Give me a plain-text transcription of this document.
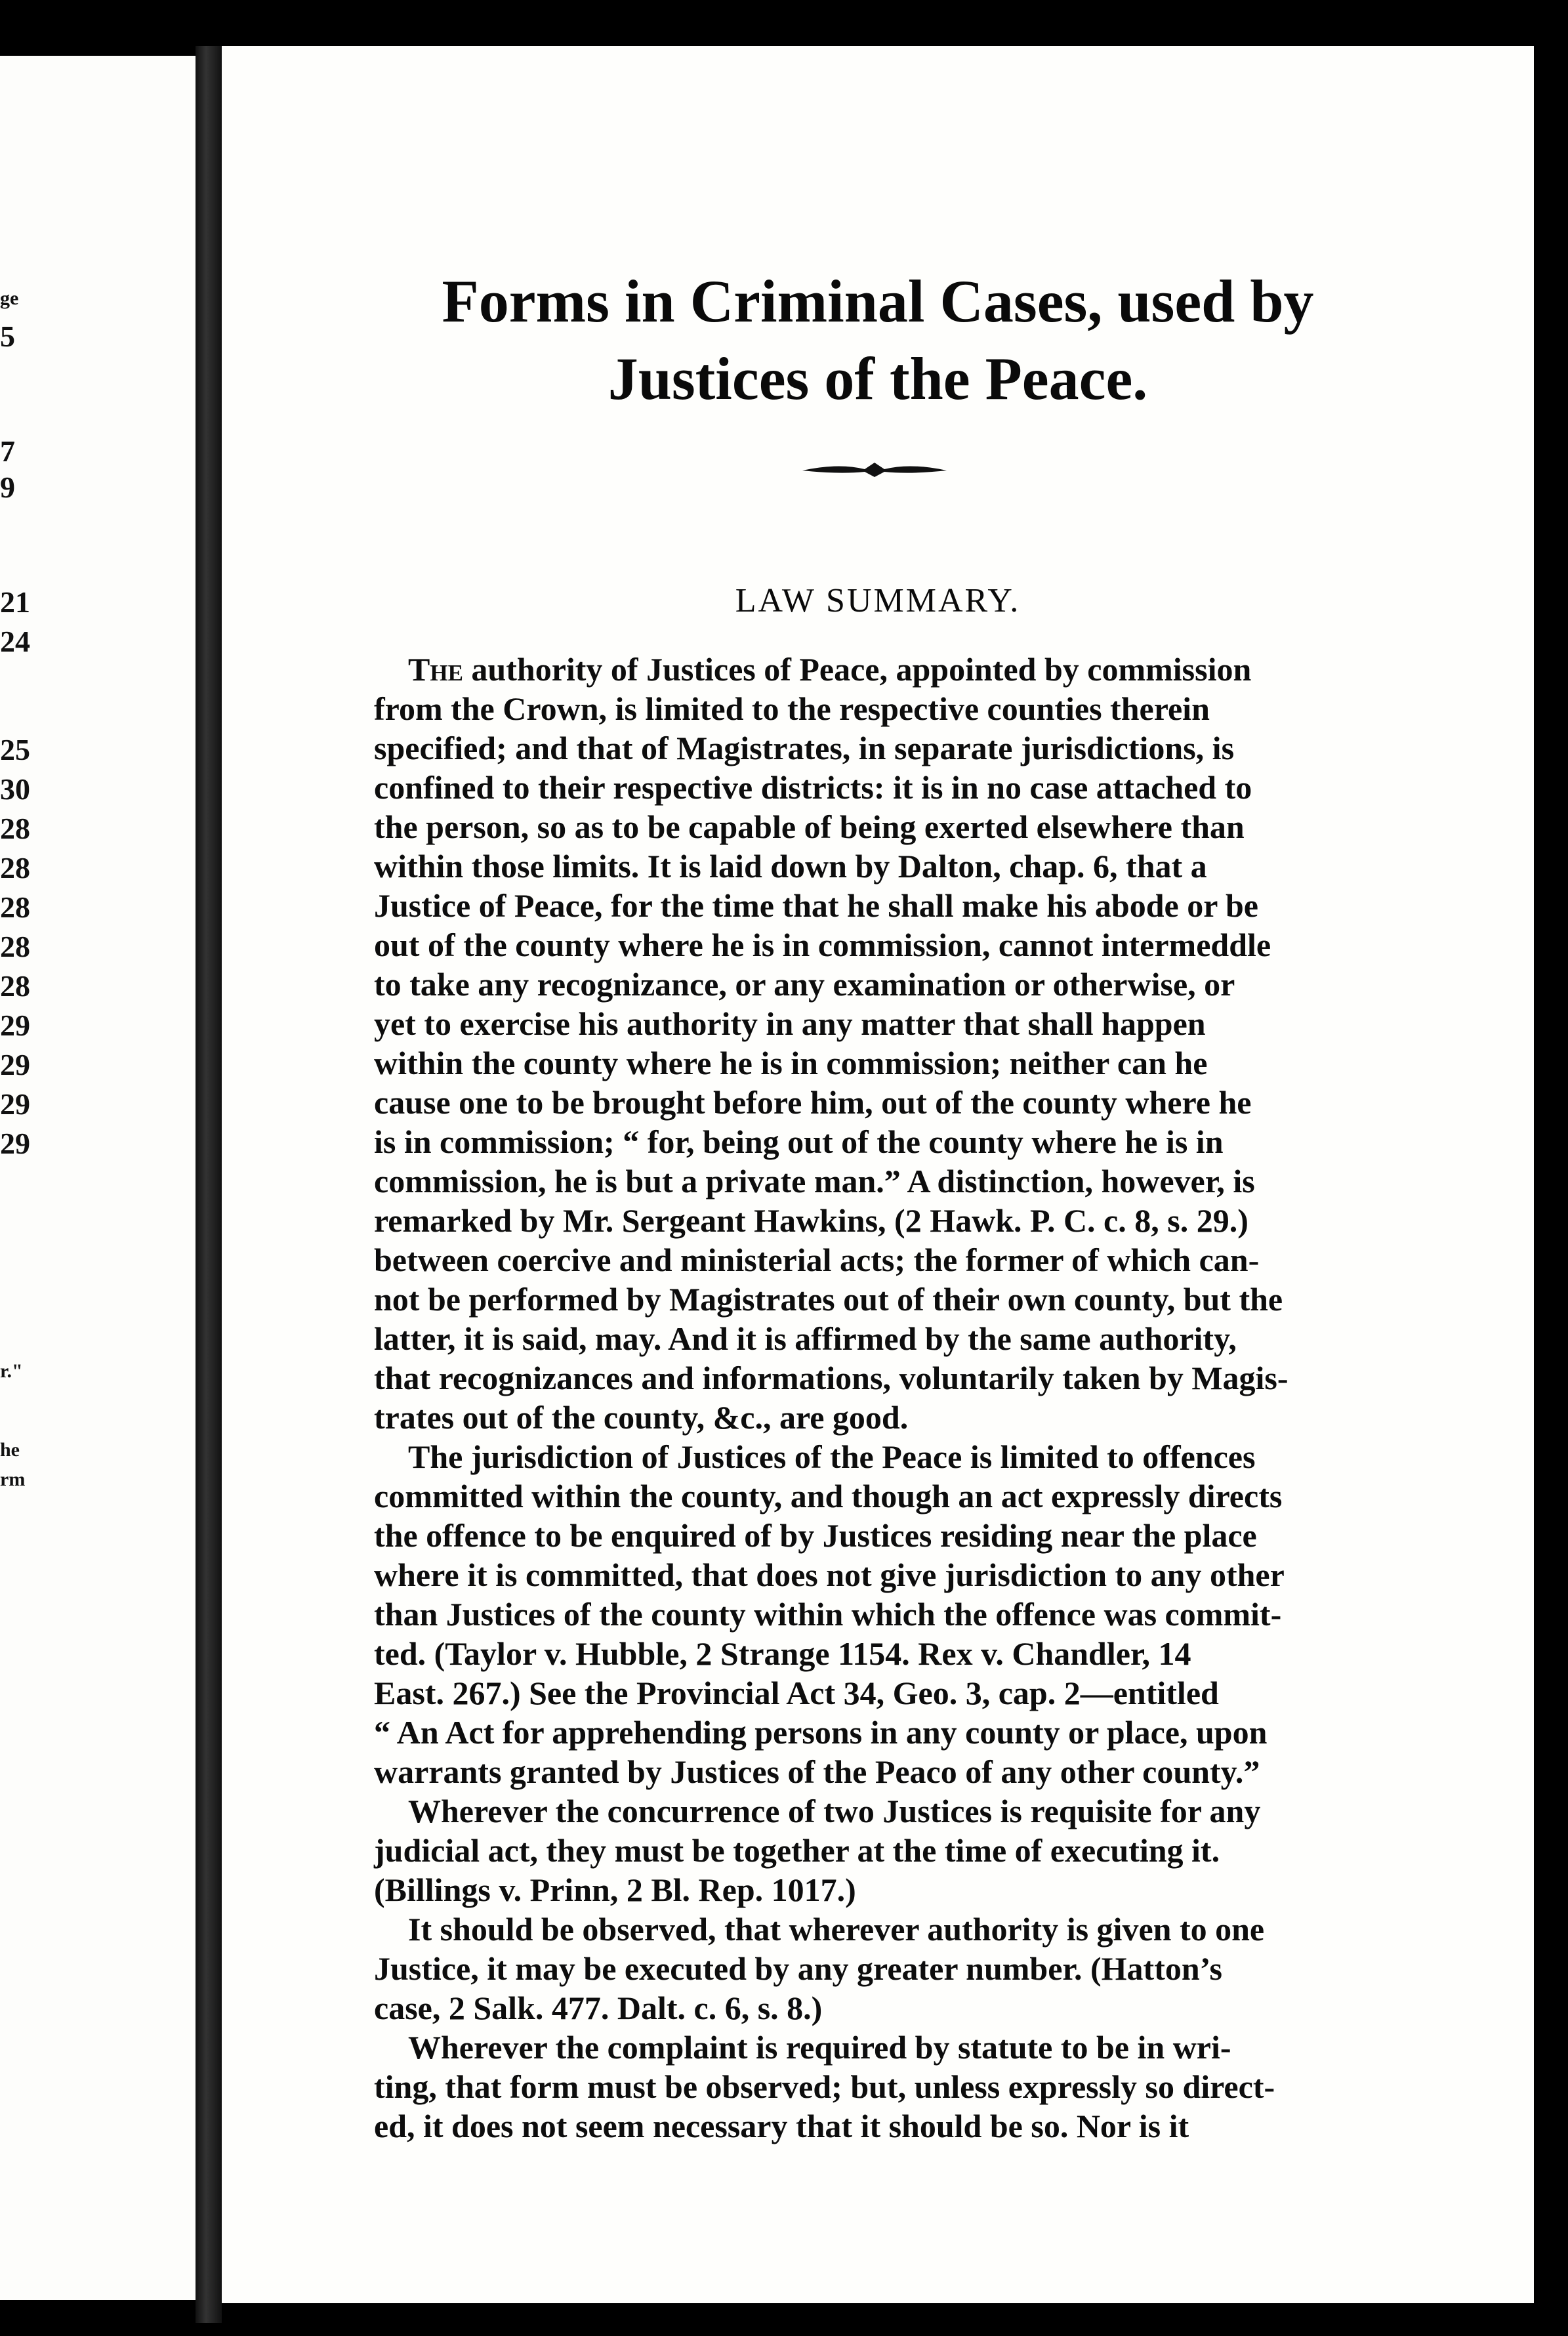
ge
5
7
9
21
24
25
30
28
28
28
28
28
29
29
29
29
r."
he
rm
Forms in Criminal Cases, used by
Justices of the Peace.
LAW SUMMARY.
The authority of Justices of Peace, appointed by commission
from the Crown, is limited to the respective counties therein
specified; and that of Magistrates, in separate jurisdictions, is
confined to their respective districts: it is in no case attached to
the person, so as to be capable of being exerted elsewhere than
within those limits. It is laid down by Dalton, chap. 6, that a
Justice of Peace, for the time that he shall make his abode or be
out of the county where he is in commission, cannot intermeddle
to take any recognizance, or any examination or otherwise, or
yet to exercise his authority in any matter that shall happen
within the county where he is in commission; neither can he
cause one to be brought before him, out of the county where he
is in commission; “ for, being out of the county where he is in
commission, he is but a private man.” A distinction, however, is
remarked by Mr. Sergeant Hawkins, (2 Hawk. P. C. c. 8, s. 29.)
between coercive and ministerial acts; the former of which can-
not be performed by Magistrates out of their own county, but the
latter, it is said, may. And it is affirmed by the same authority,
that recognizances and informations, voluntarily taken by Magis-
trates out of the county, &c., are good.
The jurisdiction of Justices of the Peace is limited to offences
committed within the county, and though an act expressly directs
the offence to be enquired of by Justices residing near the place
where it is committed, that does not give jurisdiction to any other
than Justices of the county within which the offence was commit-
ted. (Taylor v. Hubble, 2 Strange 1154. Rex v. Chandler, 14
East. 267.) See the Provincial Act 34, Geo. 3, cap. 2—entitled
“ An Act for apprehending persons in any county or place, upon
warrants granted by Justices of the Peaco of any other county.”
Wherever the concurrence of two Justices is requisite for any
judicial act, they must be together at the time of executing it.
(Billings v. Prinn, 2 Bl. Rep. 1017.)
It should be observed, that wherever authority is given to one
Justice, it may be executed by any greater number. (Hatton’s
case, 2 Salk. 477. Dalt. c. 6, s. 8.)
Wherever the complaint is required by statute to be in wri-
ting, that form must be observed; but, unless expressly so direct-
ed, it does not seem necessary that it should be so. Nor is it
